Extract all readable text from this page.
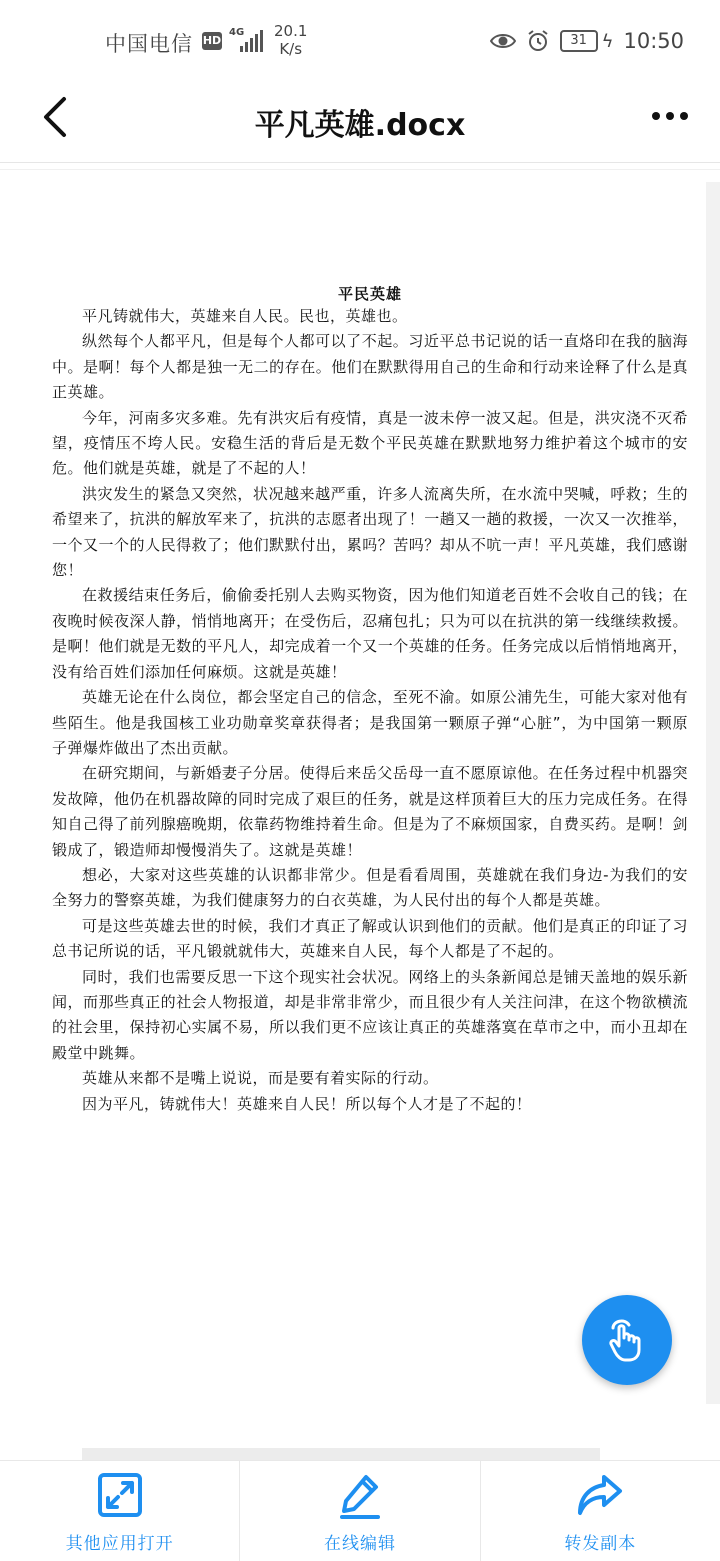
中国电信 HD
4G 20.1
K/s	31 ϟ 10:50
平凡英雄.docx
平民英雄

平凡铸就伟大，英雄来自人民。民也，英雄也。

纵然每个人都平凡，但是每个人都可以了不起。习近平总书记说的话一直烙印在我的脑海中。是啊！每个人都是独一无二的存在。他们在默默得用自己的生命和行动来诠释了什么是真正英雄。

今年，河南多灾多难。先有洪灾后有疫情，真是一波未停一波又起。但是，洪灾浇不灭希望，疫情压不垮人民。安稳生活的背后是无数个平民英雄在默默地努力维护着这个城市的安危。他们就是英雄，就是了不起的人！

洪灾发生的紧急又突然，状况越来越严重，许多人流离失所，在水流中哭喊，呼救；生的希望来了，抗洪的解放军来了，抗洪的志愿者出现了！一趟又一趟的救援，一次又一次推举，一个又一个的人民得救了；他们默默付出，累吗？苦吗？却从不吭一声！平凡英雄，我们感谢您！

在救援结束任务后，偷偷委托别人去购买物资，因为他们知道老百姓不会收自己的钱；在夜晚时候夜深人静，悄悄地离开；在受伤后，忍痛包扎；只为可以在抗洪的第一线继续救援。是啊！他们就是无数的平凡人，却完成着一个又一个英雄的任务。任务完成以后悄悄地离开，没有给百姓们添加任何麻烦。这就是英雄！

英雄无论在什么岗位，都会坚定自己的信念，至死不渝。如原公浦先生，可能大家对他有些陌生。他是我国核工业功勋章奖章获得者；是我国第一颗原子弹“心脏”，为中国第一颗原子弹爆炸做出了杰出贡献。

在研究期间，与新婚妻子分居。使得后来岳父岳母一直不愿原谅他。在任务过程中机器突发故障，他仍在机器故障的同时完成了艰巨的任务，就是这样顶着巨大的压力完成任务。在得知自己得了前列腺癌晚期，依靠药物维持着生命。但是为了不麻烦国家，自费买药。是啊！剑锻成了，锻造师却慢慢消失了。这就是英雄！

想必，大家对这些英雄的认识都非常少。但是看看周围，英雄就在我们身边-为我们的安全努力的警察英雄，为我们健康努力的白衣英雄，为人民付出的每个人都是英雄。

可是这些英雄去世的时候，我们才真正了解或认识到他们的贡献。他们是真正的印证了习总书记所说的话，平凡锻就就伟大，英雄来自人民，每个人都是了不起的。

同时，我们也需要反思一下这个现实社会状况。网络上的头条新闻总是铺天盖地的娱乐新闻，而那些真正的社会人物报道，却是非常非常少，而且很少有人关注问津，在这个物欲横流的社会里，保持初心实属不易，所以我们更不应该让真正的英雄落寞在草市之中，而小丑却在殿堂中跳舞。

英雄从来都不是嘴上说说，而是要有着实际的行动。

因为平凡，铸就伟大！英雄来自人民！所以每个人才是了不起的！

其他应用打开	在线编辑	转发副本
